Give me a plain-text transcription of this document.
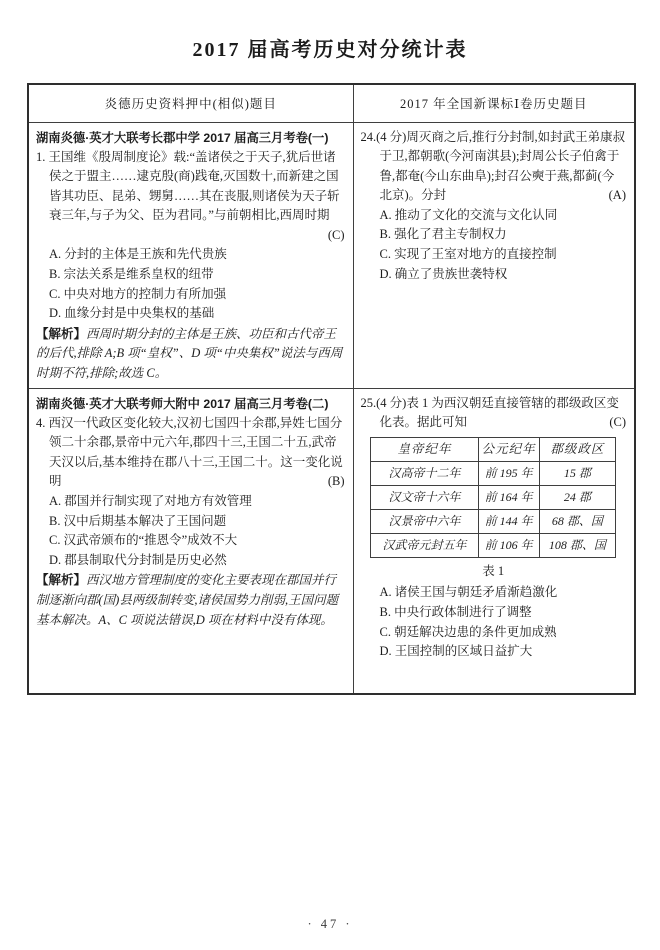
2017 届高考历史对分统计表
炎德历史资料押中(相似)题目	2017 年全国新课标Ⅰ卷历史题目

湖南炎德·英才大联考长郡中学 2017 届高三月考卷(一)
1. 王国维《殷周制度论》载:“盖诸侯之于天子,犹后世诸侯之于盟主……逮克殷(商)践奄,灭国数十,而新建之国皆其功臣、昆弟、甥舅……其在丧服,则诸侯为天子斩衰三年,与子为父、臣为君同。”与前朝相比,西周时期
(C)
A. 分封的主体是王族和先代贵族
B. 宗法关系是维系皇权的纽带
C. 中央对地方的控制力有所加强
D. 血缘分封是中央集权的基础
【解析】西周时期分封的主体是王族、功臣和古代帝王的后代,排除 A;B 项“皇权”、D 项“中央集权”说法与西周时期不符,排除;故选 C。

24.(4 分)周灭商之后,推行分封制,如封武王弟康叔于卫,都朝歌(今河南淇县);封周公长子伯禽于鲁,都奄(今山东曲阜);封召公奭于燕,都蓟(今北京)。分封	(A)
A. 推动了文化的交流与文化认同
B. 强化了君主专制权力
C. 实现了王室对地方的直接控制
D. 确立了贵族世袭特权

湖南炎德·英才大联考师大附中 2017 届高三月考卷(二)
4. 西汉一代政区变化较大,汉初七国四十余郡,异姓七国分领二十余郡,景帝中元六年,郡四十三,王国二十五,武帝天汉以后,基本维持在郡八十三,王国二十。这一变化说明	(B)
A. 郡国并行制实现了对地方有效管理
B. 汉中后期基本解决了王国问题
C. 汉武帝颁布的“推恩令”成效不大
D. 郡县制取代分封制是历史必然
【解析】西汉地方管理制度的变化主要表现在郡国并行制逐渐向郡(国)县两级制转变,诸侯国势力削弱,王国问题基本解决。A、C 项说法错误,D 项在材料中没有体现。

25.(4 分)表 1 为西汉朝廷直接管辖的郡级政区变化表。据此可知	(C)
皇帝纪年	公元纪年	郡级政区
汉高帝十二年	前 195 年	15 郡
汉文帝十六年	前 164 年	24 郡
汉景帝中六年	前 144 年	68 郡、国
汉武帝元封五年	前 106 年	108 郡、国
表 1
A. 诸侯王国与朝廷矛盾渐趋激化
B. 中央行政体制进行了调整
C. 朝廷解决边患的条件更加成熟
D. 王国控制的区域日益扩大
· 47 ·
